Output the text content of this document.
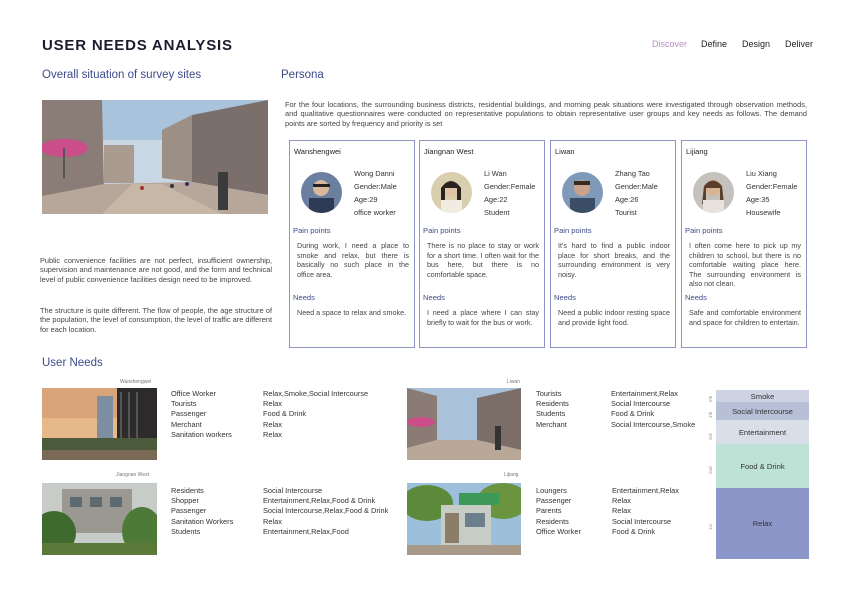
USER NEEDS ANALYSIS	Discover Define Design Deliver
Overall situation of survey sites
Public convenience facilities are not perfect, insufficient ownership, supervision and maintenance are not good, and the form and technical level of public convenience facilities design need to be improved.
The structure is quite different. The flow of people, the age structure of the population, the level of consumption, the level of traffic are different for each location.
Persona
For the four locations, the surrounding business districts, residential buildings, and morning peak situations were investigated through observation methods, and qualitative questionnaires were conducted on representative populations to obtain representative user groups and key needs as follows. The demand points are sorted by frequency and priority is set
Wanshengwei
Wong Danni
Gender:Male
Age:29
office worker
Pain points
During work, I need a place to smoke and relax, but there is basically no such place in the office area.
Needs
Need a space to relax and smoke.
Jiangnan West
Li Wan
Gender:Female
Age:22
Student
Pain points
There is no place to stay or work for a short time. I often wait for the bus here, but there is no comfortable space.
Needs
I need a place where I can stay briefly to wait for the bus or work.
Liwan
Zhang Tao
Gender:Male
Age:26
Tourist
Pain points
It's hard to find a public indoor place for short breaks, and the surrounding environment is very noisy.
Needs
Need a public indoor resting space and provide light food.
Lijiang
Liu Xiang
Gender:Female
Age:35
Housewife
Pain points
I often come here to pick up my children to school, but there is no comfortable waiting place here. The surrounding environment is also not clean.
Needs
Safe and comfortable environment and space for children to entertain.
User Needs
Wanshengwei
Office Worker
Tourists
Passenger
Merchant
Sanitation workers
Relax,Smoke,Social Intercourse
Relax
Food & Drink
Relax
Relax
Liwan
Tourists
Residents
Students
Merchant
Entertainment,Relax
Social Intercourse
Food & Drink
Social Intercourse,Smoke
Jiangnan West
Residents
Shopper
Passenger
Sanitation Workers
Students
Social Intercourse
Entertainment,Relax,Food & Drink
Social Intercourse,Relax,Food & Drink
Relax
Entertainment,Relax,Food
Lijiang
Loungers
Passenger
Parents
Residents
Office Worker
Entertainment,Relax
Relax
Relax
Social Intercourse
Food & Drink
Smoke
Social Intercourse
Entertainment
Food & Drink
Relax
5th
4th
3rd
2nd
1st
